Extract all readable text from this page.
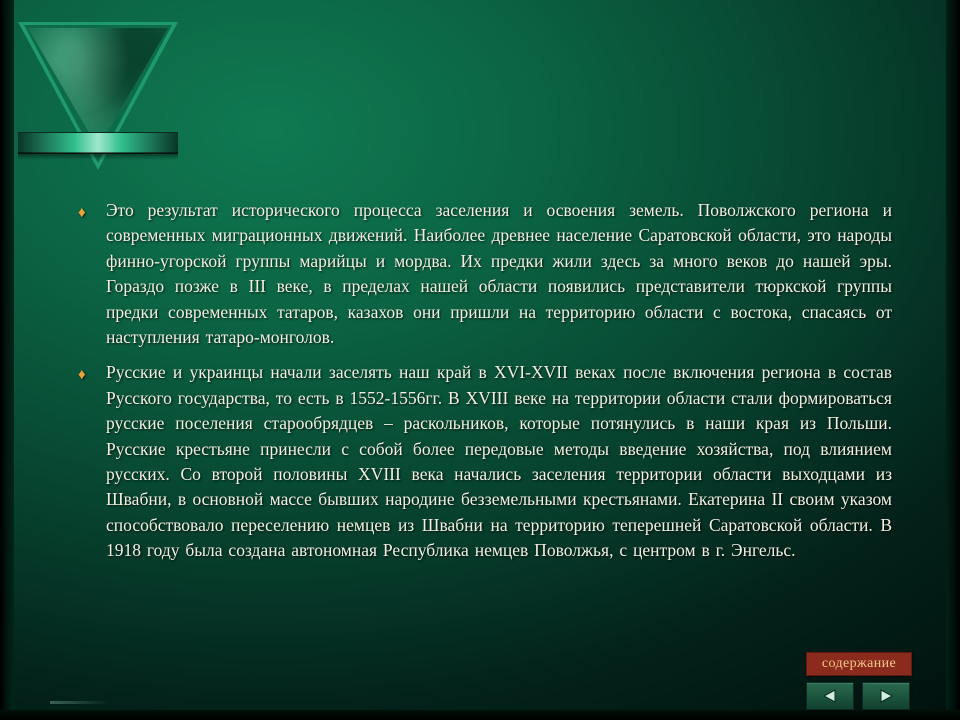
♦ Это результат исторического процесса заселения и освоения земель. Поволжского региона и современных миграционных движений. Наиболее древнее население Саратовской области, это народы финно-угорской группы марийцы и мордва. Их предки жили здесь за много веков до нашей эры. Гораздо позже в III веке, в пределах нашей области появились представители тюркской группы предки современных татаров, казахов они пришли на территорию области с востока, спасаясь от наступления татаро-монголов.
♦ Русские и украинцы начали заселять наш край в XVI-XVII веках после включения региона в состав Русского государства, то есть в 1552-1556гг. В XVIII веке на территории области стали формироваться русские поселения старообрядцев – раскольников, которые потянулись в наши края из Польши. Русские крестьяне принесли с собой более передовые методы введение хозяйства, под влиянием русских. Со второй половины XVIII века начались заселения территории области выходцами из Швабни, в основной массе бывших народине безземельными крестьянами. Екатерина II своим указом способствовало переселению немцев из Швабни на территорию теперешней Саратовской области. В 1918 году была создана автономная Республика немцев Поволжья, с центром в г. Энгельс.
содержание
